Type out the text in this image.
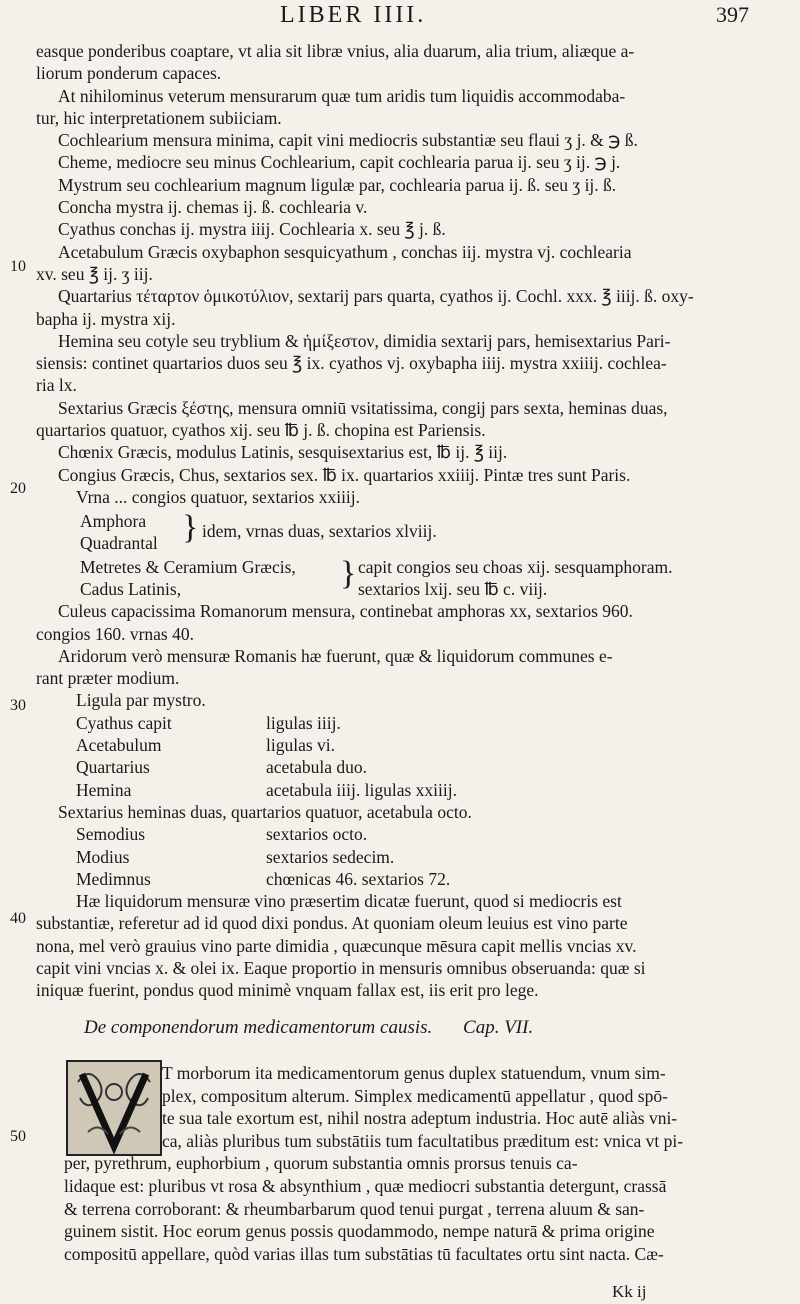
LIBER IIII.	397
10
20
30
40
50
easque ponderibus coaptare, vt alia sit libræ vnius, alia duarum, alia trium, aliæque a-
liorum ponderum capaces.
At nihilominus veterum mensurarum quæ tum aridis tum liquidis accommodaba-
tur, hic interpretationem subiiciam.
Cochlearium mensura minima, capit vini mediocris substantiæ seu flaui ʒ j. & ℈ ß.
Cheme, mediocre seu minus Cochlearium, capit cochlearia parua ij. seu ʒ ij. ℈ j.
Mystrum seu cochlearium magnum ligulæ par, cochlearia parua ij. ß. seu ʒ ij. ß.
Concha mystra ij. chemas ij. ß. cochlearia v.
Cyathus conchas ij. mystra iiij. Cochlearia x. seu ℥ j. ß.
Acetabulum Græcis oxybaphon sesquicyathum , conchas iij. mystra vj. cochlearia
xv. seu ℥ ij. ʒ iij.
Quartarius τέταρτον ὁμικοτύλιον, sextarij pars quarta, cyathos ij. Cochl. xxx. ℥ iiij. ß. oxy-
bapha ij. mystra xij.
Hemina seu cotyle seu tryblium & ἡμίξεστον, dimidia sextarij pars, hemisextarius Pari-
siensis: continet quartarios duos seu ℥ ix. cyathos vj. oxybapha iiij. mystra xxiiij. cochlea-
ria lx.
Sextarius Græcis ξέστης, mensura omniū vsitatissima, congij pars sexta, heminas duas,
quartarios quatuor, cyathos xij. seu ℔ j. ß. chopina est Pariensis.
Chœnix Græcis, modulus Latinis, sesquisextarius est, ℔ ij. ℥ iij.
Congius Græcis, Chus, sextarios sex. ℔ ix. quartarios xxiiij. Pintæ tres sunt Paris.
Vrna ... congios quatuor, sextarios xxiiij.
Amphora
Quadrantal } idem, vrnas duas, sextarios xlviij.
Metretes & Ceramium Græcis,
Cadus Latinis,	} capit congios seu choas xij. sesquamphoram.
sextarios lxij. seu ℔ c. viij.
Culeus capacissima Romanorum mensura, continebat amphoras xx, sextarios 960.
congios 160. vrnas 40.
Aridorum verò mensuræ Romanis hæ fuerunt, quæ & liquidorum communes e-
rant præter modium.
Ligula par mystro.
Cyathus capit	ligulas iiij.
Acetabulum	ligulas vi.
Quartarius	acetabula duo.
Hemina	acetabula iiij. ligulas xxiiij.
Sextarius heminas duas, quartarios quatuor, acetabula octo.
Semodius	sextarios octo.
Modius	sextarios sedecim.
Medimnus	chœnicas 46. sextarios 72.
Hæ liquidorum mensuræ vino præsertim dicatæ fuerunt, quod si mediocris est
substantiæ, referetur ad id quod dixi pondus. At quoniam oleum leuius est vino parte
nona, mel verò grauius vino parte dimidia , quæcunque mēsura capit mellis vncias xv.
capit vini vncias x. & olei ix. Eaque proportio in mensuris omnibus obseruanda: quæ si
iniquæ fuerint, pondus quod minimè vnquam fallax est, iis erit pro lege.
De componendorum medicamentorum causis. Cap. VII.
T morborum ita medicamentorum genus duplex statuendum, vnum sim-
plex, compositum alterum. Simplex medicamentū appellatur , quod spō-
te sua tale exortum est, nihil nostra adeptum industria. Hoc autē aliàs vni-
ca, aliàs pluribus tum substātiis tum facultatibus præditum est: vnica vt pi-
per, pyrethrum, euphorbium , quorum substantia omnis prorsus tenuis ca-
lidaque est: pluribus vt rosa & absynthium , quæ mediocri substantia detergunt, crassā
& terrena corroborant: & rheumbarbarum quod tenui purgat , terrena aluum & san-
guinem sistit. Hoc eorum genus possis quodammodo, nempe naturā & prima origine
compositū appellare, quòd varias illas tum substātias tū facultates ortu sint nacta. Cæ-
Kk ij
